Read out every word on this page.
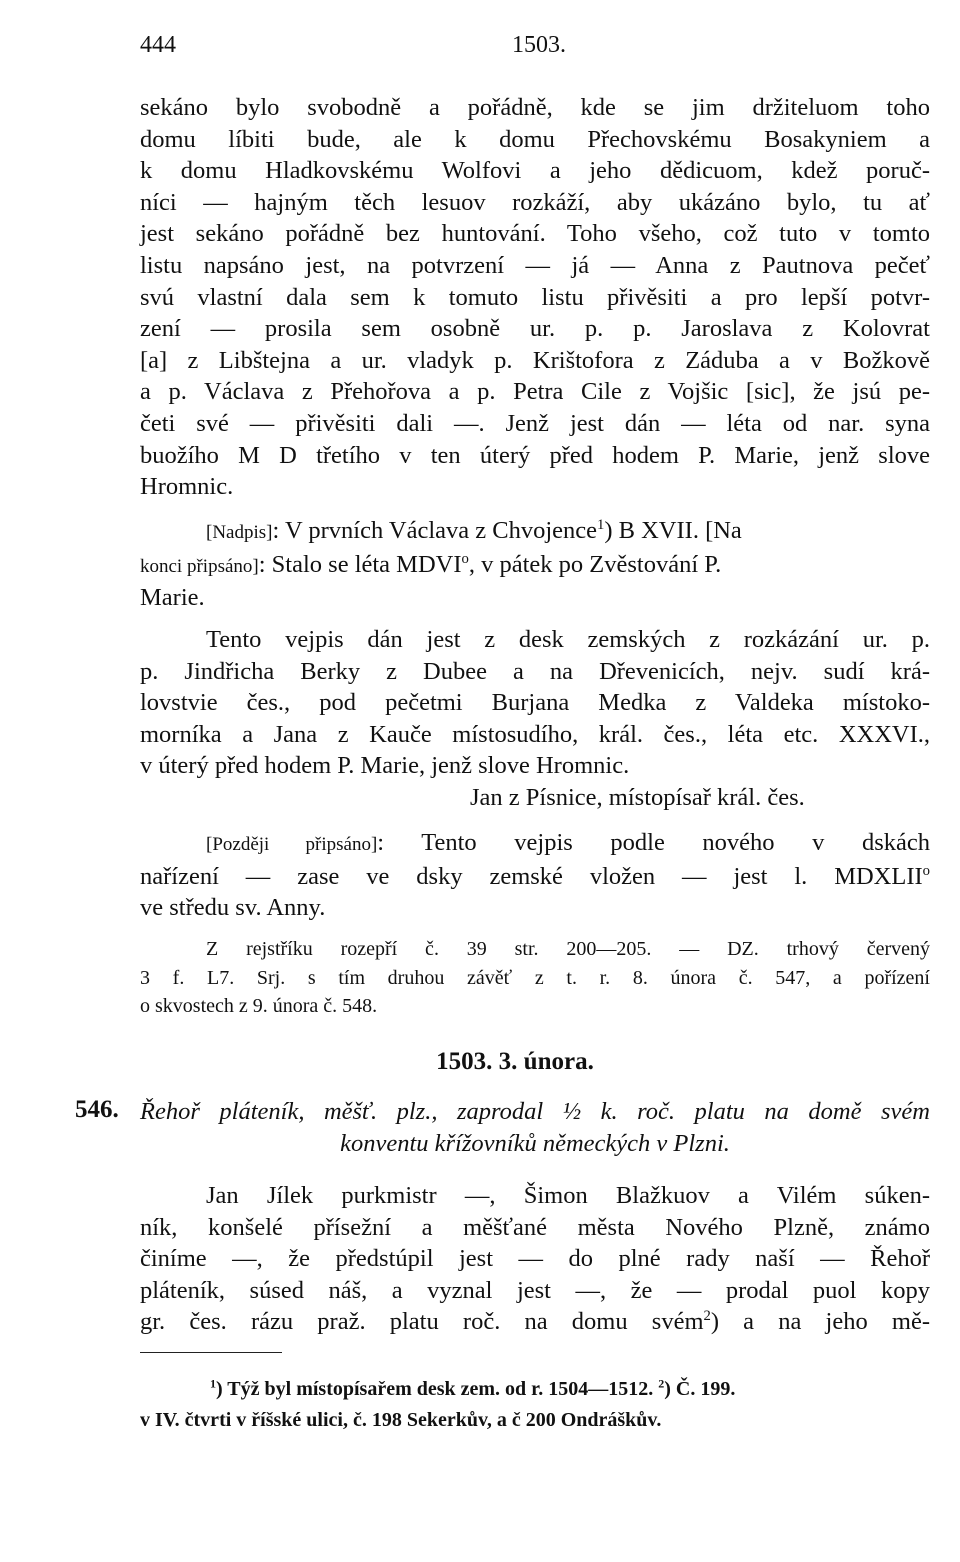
444	1503.
sekáno bylo svobodně a pořádně, kde se jim držiteluom toho
domu líbiti bude, ale k domu Přechovskému Bosakyniem a
k domu Hladkovskému Wolfovi a jeho dědicuom, kdež poruč-
níci — hajným těch lesuov rozkáží, aby ukázáno bylo, tu ať
jest sekáno pořádně bez huntování. Toho všeho, což tuto v tomto
listu napsáno jest, na potvrzení — já — Anna z Pautnova pečeť
svú vlastní dala sem k tomuto listu přivěsiti a pro lepší potvr-
zení — prosila sem osobně ur. p. p. Jaroslava z Kolovrat
[a] z Libštejna a ur. vladyk p. Krištofora z Záduba a v Božkově
a p. Václava z Přehořova a p. Petra Cile z Vojšic [sic], že jsú pe-
četi své — přivěsiti dali —. Jenž jest dán — léta od nar. syna
buožího M D třetího v ten úterý před hodem P. Marie, jenž slove
Hromnic.
[Nadpis]: V prvních Václava z Chvojence$^1$) B XVII. [Na
konci připsáno]: Stalo se léta MDVI$^o$, v pátek po Zvěstování P.
Marie.
Tento vejpis dán jest z desk zemských z rozkázání ur. p.
p. Jindřicha Berky z Dubee a na Dřevenicích, nejv. sudí krá-
lovstvie čes., pod pečetmi Burjana Medka z Valdeka místoko-
morníka a Jana z Kauče místosudího, král. čes., léta etc. XXXVI.,
v úterý před hodem P. Marie, jenž slove Hromnic.
Jan z Písnice, místopísař král. čes.
[Později připsáno]: Tento vejpis podle nového v dskách
nařízení — zase ve dsky zemské vložen — jest l. MDXLII$^o$
ve středu sv. Anny.
Z rejstříku rozepří č. 39 str. 200—205. — DZ. trhový červený
3 f. L7. Srj. s tím druhou závěť z t. r. 8. února č. 547, a pořízení
o skvostech z 9. února č. 548.
1503. 3. února.
546. Řehoř pláteník, měšť. plz., zaprodal ½ k. roč. platu na domě svém
konventu křížovníků německých v Plzni.
Jan Jílek purkmistr —, Šimon Blažkuov a Vilém súken-
ník, konšelé přísežní a měšťané města Nového Plzně, známo
činíme —, že předstúpil jest — do plné rady naší — Řehoř
pláteník, súsed náš, a vyznal jest —, že — prodal puol kopy
gr. čes. rázu praž. platu roč. na domu svém$^2$) a na jeho mě-
$^1$) Týž byl místopísařem desk zem. od r. 1504—1512. $^2$) Č. 199.
v IV. čtvrti v říšské ulici, č. 198 Sekerkův, a č 200 Ondráškův.
